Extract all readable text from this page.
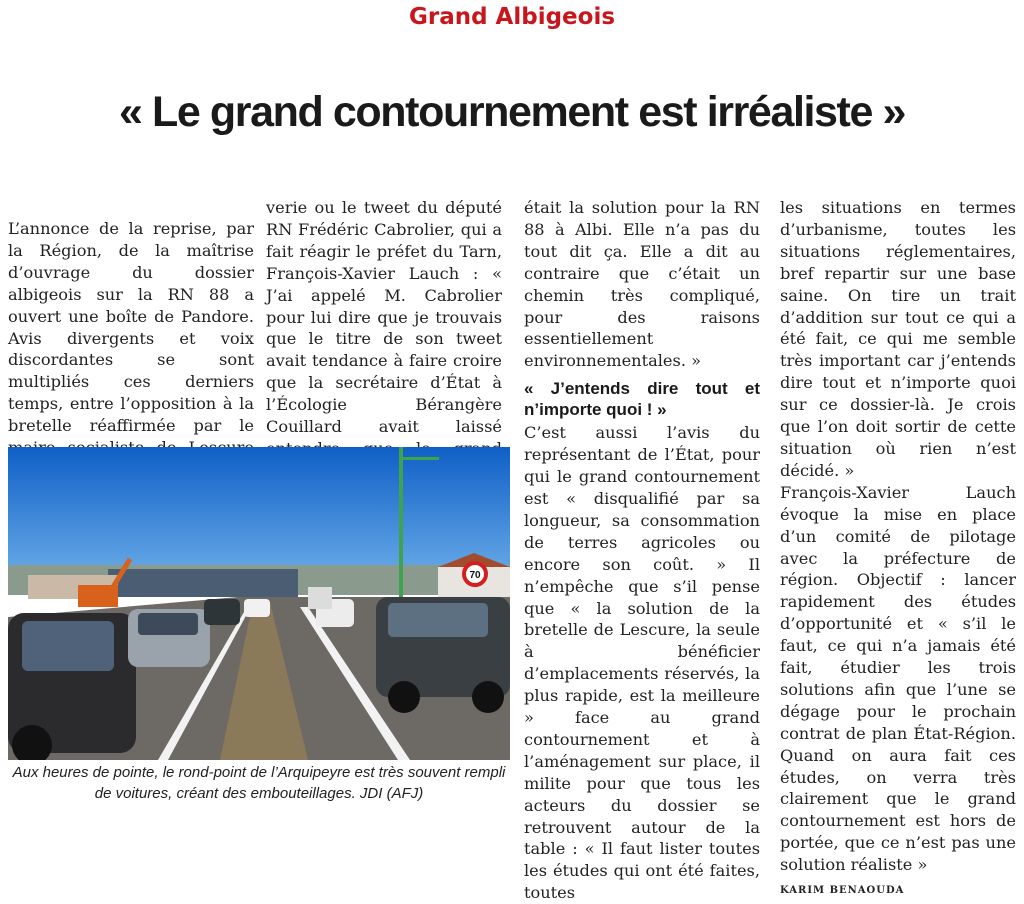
Grand Albigeois
« Le grand contournement est irréaliste »

L’annonce de la reprise, par la Région, de la maîtrise d’ouvrage du dossier albigeois sur la RN 88 a ouvert une boîte de Pandore. Avis divergents et voix discordantes se sont multipliés ces derniers temps, entre l’opposition à la bretelle réaffirmée par le

verie ou le tweet du député RN Frédéric Cabrolier, qui a fait réagir le préfet du Tarn, François-Xavier Lauch : « J’ai appelé M. Cabrolier pour lui dire que je trouvais que le titre de son tweet avait tendance à faire croire que la secrétaire d’État à l’Écologie Bérangère Couillard avait laissé

était la solution pour la RN 88 à Albi. Elle n’a pas du tout dit ça. Elle a dit au contraire que c’était un chemin très compliqué, pour des raisons essentiellement environnementales. »

« J’entends dire tout et n’importe quoi ! »

C’est aussi l’avis du représentant de l’État, pour qui le grand contournement est « disqualifié par sa longueur, sa consommation de terres agricoles ou encore son coût. » Il n’empêche que s’il pense que « la solution de la bretelle de Lescure, la seule à bénéficier d’emplacements réservés, la plus rapide, est la meilleure » face au grand contournement et à l’aménagement sur place, il milite pour que tous les acteurs du dossier se retrouvent autour de la table : « Il faut lister toutes les études qui ont été faites, toutes

les situations en termes d’urbanisme, toutes les situations réglementaires, bref repartir sur une base saine. On tire un trait d’addition sur tout ce qui a été fait, ce qui me semble très important car j’entends dire tout et n’importe quoi sur ce dossier-là. Je crois que l’on doit sortir de cette situation où rien n’est décidé. »

François-Xavier Lauch évoque la mise en place d’un comité de pilotage avec la préfecture de région. Objectif : lancer rapidement des études d’opportunité et « s’il le faut, ce qui n’a jamais été fait, étudier les trois solutions afin que l’une se dégage pour le prochain contrat de plan État-Région. Quand on aura fait ces études, on verra très clairement que le grand contournement est hors de portée, que ce n’est pas une solution réaliste »

KARIM BENAOUDA
70
Aux heures de pointe, le rond-point de l’Arquipeyre est très souvent rempli de voitures, créant des embouteillages. JDI (AFJ)
